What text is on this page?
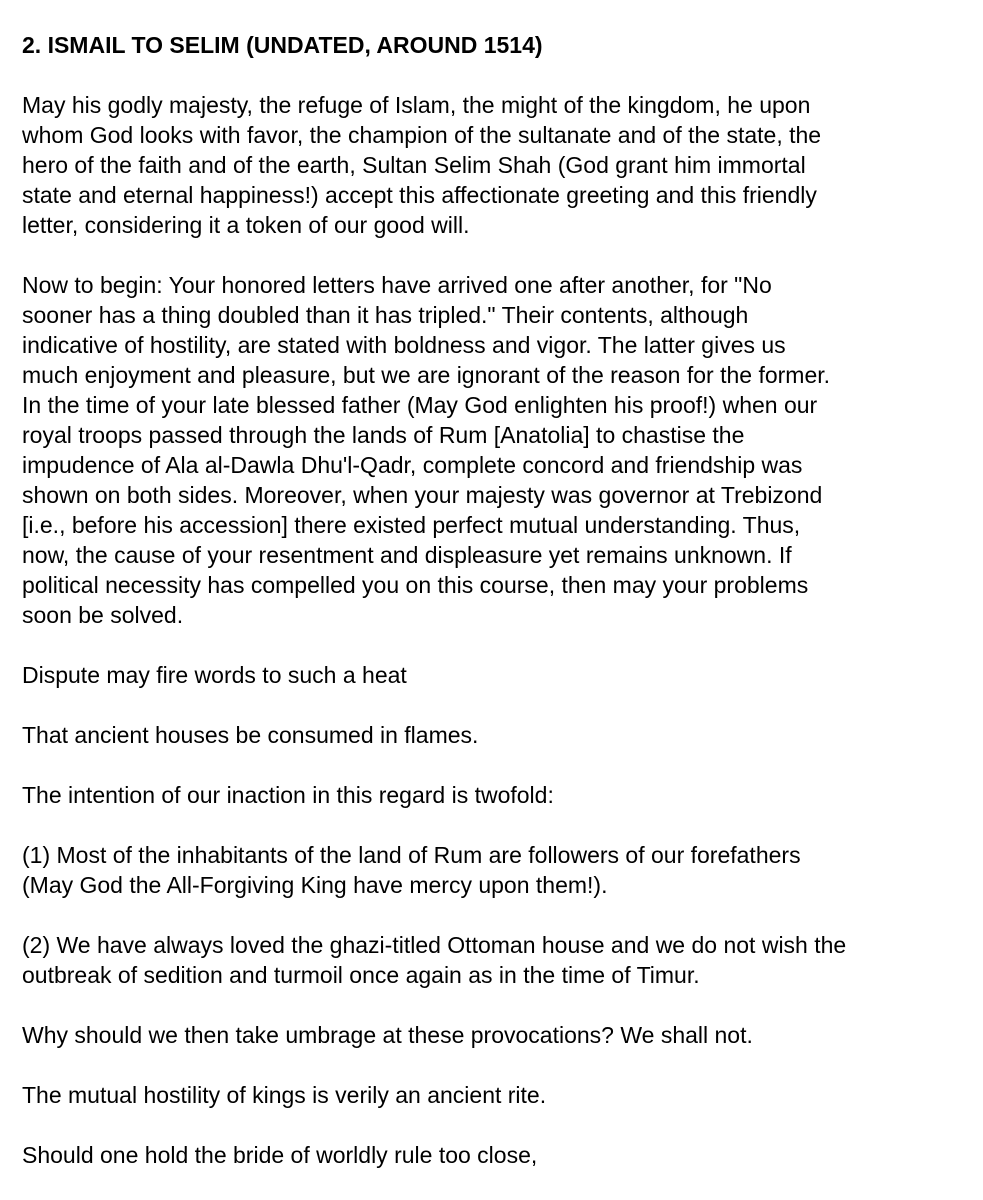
2. ISMAIL TO SELIM (UNDATED, AROUND 1514)
May his godly majesty, the refuge of Islam, the might of the kingdom, he upon
whom God looks with favor, the champion of the sultanate and of the state, the
hero of the faith and of the earth, Sultan Selim Shah (God grant him immortal
state and eternal happiness!) accept this affectionate greeting and this friendly
letter, considering it a token of our good will.
Now to begin: Your honored letters have arrived one after another, for "No
sooner has a thing doubled than it has tripled." Their contents, although
indicative of hostility, are stated with boldness and vigor. The latter gives us
much enjoyment and pleasure, but we are ignorant of the reason for the former.
In the time of your late blessed father (May God enlighten his proof!) when our
royal troops passed through the lands of Rum [Anatolia] to chastise the
impudence of Ala al-Dawla Dhu'l-Qadr, complete concord and friendship was
shown on both sides. Moreover, when your majesty was governor at Trebizond
[i.e., before his accession] there existed perfect mutual understanding. Thus,
now, the cause of your resentment and displeasure yet remains unknown. If
political necessity has compelled you on this course, then may your problems
soon be solved.
Dispute may fire words to such a heat
That ancient houses be consumed in flames.
The intention of our inaction in this regard is twofold:
(1) Most of the inhabitants of the land of Rum are followers of our forefathers
(May God the All-Forgiving King have mercy upon them!).
(2) We have always loved the ghazi-titled Ottoman house and we do not wish the
outbreak of sedition and turmoil once again as in the time of Timur.
Why should we then take umbrage at these provocations? We shall not.
The mutual hostility of kings is verily an ancient rite.
Should one hold the bride of worldly rule too close,
